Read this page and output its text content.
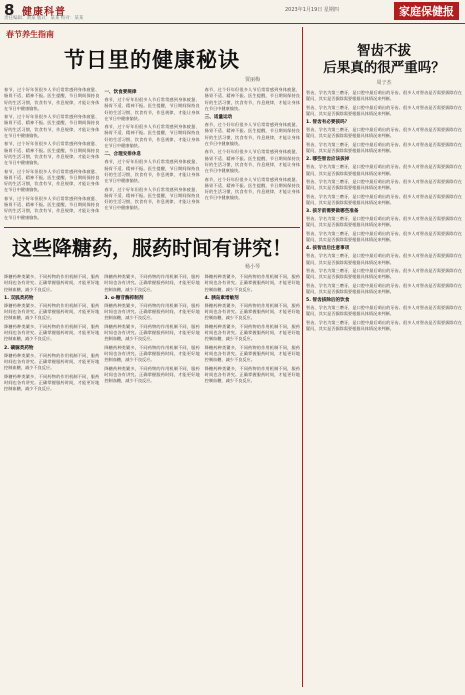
8 健康科普
责任编辑：刘某 版式：某某 校对：某某
2023年1月19日 星期四	家庭保健报
春节养生指南
节日里的健康秘诀
贾丽梅

春节，过个好年但很多人节后常常感到身体疲惫、肠胃不适、精神不振。医生提醒，节日期间保持良好的生活习惯，饮食有节，作息规律，才能让身体在节日中健康愉快。

春节，过个好年但很多人节后常常感到身体疲惫、肠胃不适、精神不振。医生提醒，节日期间保持良好的生活习惯，饮食有节，作息规律，才能让身体在节日中健康愉快。

春节，过个好年但很多人节后常常感到身体疲惫、肠胃不适、精神不振。医生提醒，节日期间保持良好的生活习惯，饮食有节，作息规律，才能让身体在节日中健康愉快。

春节，过个好年但很多人节后常常感到身体疲惫、肠胃不适、精神不振。医生提醒，节日期间保持良好的生活习惯，饮食有节，作息规律，才能让身体在节日中健康愉快。

春节，过个好年但很多人节后常常感到身体疲惫、肠胃不适、精神不振。医生提醒，节日期间保持良好的生活习惯，饮食有节，作息规律，才能让身体在节日中健康愉快。

一、饮食要规律

春节，过个好年但很多人节后常常感到身体疲惫、肠胃不适、精神不振。医生提醒，节日期间保持良好的生活习惯，饮食有节，作息规律，才能让身体在节日中健康愉快。

春节，过个好年但很多人节后常常感到身体疲惫、肠胃不适、精神不振。医生提醒，节日期间保持良好的生活习惯，饮食有节，作息规律，才能让身体在节日中健康愉快。

二、合理安排休息

春节，过个好年但很多人节后常常感到身体疲惫、肠胃不适、精神不振。医生提醒，节日期间保持良好的生活习惯，饮食有节，作息规律，才能让身体在节日中健康愉快。

春节，过个好年但很多人节后常常感到身体疲惫、肠胃不适、精神不振。医生提醒，节日期间保持良好的生活习惯，饮食有节，作息规律，才能让身体在节日中健康愉快。

春节，过个好年但很多人节后常常感到身体疲惫、肠胃不适、精神不振。医生提醒，节日期间保持良好的生活习惯，饮食有节，作息规律，才能让身体在节日中健康愉快。

三、适量运动

春节，过个好年但很多人节后常常感到身体疲惫、肠胃不适、精神不振。医生提醒，节日期间保持良好的生活习惯，饮食有节，作息规律，才能让身体在节日中健康愉快。

春节，过个好年但很多人节后常常感到身体疲惫、肠胃不适、精神不振。医生提醒，节日期间保持良好的生活习惯，饮食有节，作息规律，才能让身体在节日中健康愉快。

春节，过个好年但很多人节后常常感到身体疲惫、肠胃不适、精神不振。医生提醒，节日期间保持良好的生活习惯，饮食有节，作息规律，才能让身体在节日中健康愉快。

这些降糖药，服药时间有讲究！
杨小琴

降糖药种类繁多，不同药物的作用机制不同，服药时间也各有讲究。正确掌握服药时间，才能更好地控制血糖，减少不良反应。

1. 双胍类药物

降糖药种类繁多，不同药物的作用机制不同，服药时间也各有讲究。正确掌握服药时间，才能更好地控制血糖，减少不良反应。

降糖药种类繁多，不同药物的作用机制不同，服药时间也各有讲究。正确掌握服药时间，才能更好地控制血糖，减少不良反应。

2. 磺脲类药物

降糖药种类繁多，不同药物的作用机制不同，服药时间也各有讲究。正确掌握服药时间，才能更好地控制血糖，减少不良反应。

降糖药种类繁多，不同药物的作用机制不同，服药时间也各有讲究。正确掌握服药时间，才能更好地控制血糖，减少不良反应。

降糖药种类繁多，不同药物的作用机制不同，服药时间也各有讲究。正确掌握服药时间，才能更好地控制血糖，减少不良反应。

3. α-糖苷酶抑制剂

降糖药种类繁多，不同药物的作用机制不同，服药时间也各有讲究。正确掌握服药时间，才能更好地控制血糖，减少不良反应。

降糖药种类繁多，不同药物的作用机制不同，服药时间也各有讲究。正确掌握服药时间，才能更好地控制血糖，减少不良反应。

降糖药种类繁多，不同药物的作用机制不同，服药时间也各有讲究。正确掌握服药时间，才能更好地控制血糖，减少不良反应。

降糖药种类繁多，不同药物的作用机制不同，服药时间也各有讲究。正确掌握服药时间，才能更好地控制血糖，减少不良反应。

降糖药种类繁多，不同药物的作用机制不同，服药时间也各有讲究。正确掌握服药时间，才能更好地控制血糖，减少不良反应。

4. 胰岛素增敏剂

降糖药种类繁多，不同药物的作用机制不同，服药时间也各有讲究。正确掌握服药时间，才能更好地控制血糖，减少不良反应。

降糖药种类繁多，不同药物的作用机制不同，服药时间也各有讲究。正确掌握服药时间，才能更好地控制血糖，减少不良反应。

降糖药种类繁多，不同药物的作用机制不同，服药时间也各有讲究。正确掌握服药时间，才能更好地控制血糖，减少不良反应。

降糖药种类繁多，不同药物的作用机制不同，服药时间也各有讲究。正确掌握服药时间，才能更好地控制血糖，减少不良反应。

智齿不拔
后果真的很严重吗？
周子杰

智齿，学名为第三磨牙，是口腔中最后萌出的牙齿。很多人对智齿是否需要拔除存在疑问，其实是否拔除需要根据具体情况来判断。

智齿，学名为第三磨牙，是口腔中最后萌出的牙齿。很多人对智齿是否需要拔除存在疑问，其实是否拔除需要根据具体情况来判断。

1. 智齿有必要拔吗？

智齿，学名为第三磨牙，是口腔中最后萌出的牙齿。很多人对智齿是否需要拔除存在疑问，其实是否拔除需要根据具体情况来判断。

智齿，学名为第三磨牙，是口腔中最后萌出的牙齿。很多人对智齿是否需要拔除存在疑问，其实是否拔除需要根据具体情况来判断。

2. 哪些智齿应该拔掉

智齿，学名为第三磨牙，是口腔中最后萌出的牙齿。很多人对智齿是否需要拔除存在疑问，其实是否拔除需要根据具体情况来判断。

智齿，学名为第三磨牙，是口腔中最后萌出的牙齿。很多人对智齿是否需要拔除存在疑问，其实是否拔除需要根据具体情况来判断。

智齿，学名为第三磨牙，是口腔中最后萌出的牙齿。很多人对智齿是否需要拔除存在疑问，其实是否拔除需要根据具体情况来判断。

3. 拔牙前需要做哪些准备

智齿，学名为第三磨牙，是口腔中最后萌出的牙齿。很多人对智齿是否需要拔除存在疑问，其实是否拔除需要根据具体情况来判断。

智齿，学名为第三磨牙，是口腔中最后萌出的牙齿。很多人对智齿是否需要拔除存在疑问，其实是否拔除需要根据具体情况来判断。

4. 拔智齿后注意事项

智齿，学名为第三磨牙，是口腔中最后萌出的牙齿。很多人对智齿是否需要拔除存在疑问，其实是否拔除需要根据具体情况来判断。

智齿，学名为第三磨牙，是口腔中最后萌出的牙齿。很多人对智齿是否需要拔除存在疑问，其实是否拔除需要根据具体情况来判断。

智齿，学名为第三磨牙，是口腔中最后萌出的牙齿。很多人对智齿是否需要拔除存在疑问，其实是否拔除需要根据具体情况来判断。

5. 智齿拔除后的饮食

智齿，学名为第三磨牙，是口腔中最后萌出的牙齿。很多人对智齿是否需要拔除存在疑问，其实是否拔除需要根据具体情况来判断。

智齿，学名为第三磨牙，是口腔中最后萌出的牙齿。很多人对智齿是否需要拔除存在疑问，其实是否拔除需要根据具体情况来判断。
